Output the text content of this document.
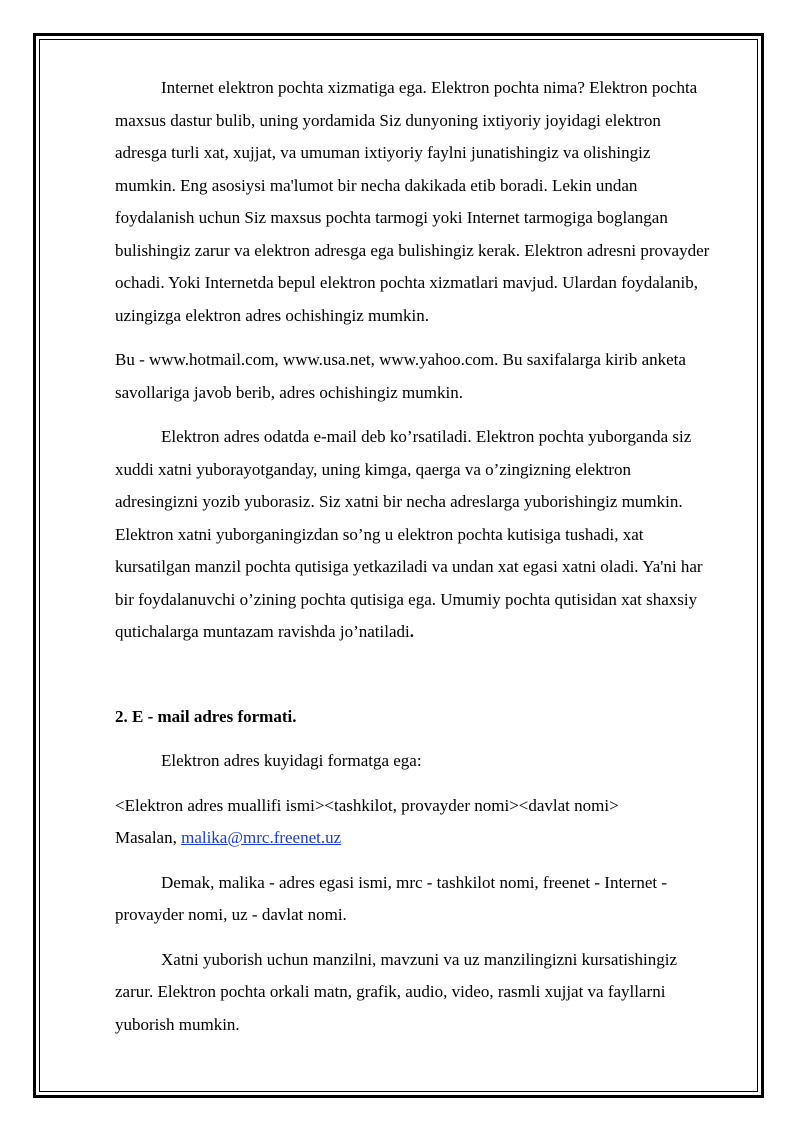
Internet elektron pochta xizmatiga ega. Elektron pochta nima? Elektron pochta maxsus dastur bulib, uning yordamida Siz dunyoning ixtiyoriy joyidagi elektron adresga turli xat, xujjat, va umuman ixtiyoriy faylni junatishingiz va olishingiz mumkin. Eng asosiysi ma'lumot bir necha dakikada etib boradi. Lekin undan foydalanish uchun Siz maxsus pochta tarmogi yoki Internet tarmogiga boglangan bulishingiz zarur va elektron adresga ega bulishingiz kerak. Elektron adresni provayder ochadi. Yoki Internetda bepul elektron pochta xizmatlari mavjud. Ulardan foydalanib, uzingizga elektron adres ochishingiz mumkin.

Bu - www.hotmail.com, www.usa.net, www.yahoo.com. Bu saxifalarga kirib anketa savollariga javob berib, adres ochishingiz mumkin.

Elektron adres odatda e-mail deb ko’rsatiladi. Elektron pochta yuborganda siz xuddi xatni yuborayotganday, uning kimga, qaerga va o’zingizning elektron adresingizni yozib yuborasiz. Siz xatni bir necha adreslarga yuborishingiz mumkin. Elektron xatni yuborganingizdan so’ng u elektron pochta kutisiga tushadi, xat kursatilgan manzil pochta qutisiga yetkaziladi va undan xat egasi xatni oladi. Ya'ni har bir foydalanuvchi o’zining pochta qutisiga ega. Umumiy pochta qutisidan xat shaxsiy qutichalarga muntazam ravishda jo’natiladi.

2. E - mail adres formati.

Elektron adres kuyidagi formatga ega:

<Elektron adres muallifi ismi><tashkilot, provayder nomi><davlat nomi>
Masalan, malika@mrc.freenet.uz

Demak, malika - adres egasi ismi, mrc - tashkilot nomi, freenet - Internet - provayder nomi, uz - davlat nomi.

Xatni yuborish uchun manzilni, mavzuni va uz manzilingizni kursatishingiz zarur. Elektron pochta orkali matn, grafik, audio, video, rasmli xujjat va fayllarni yuborish mumkin.
